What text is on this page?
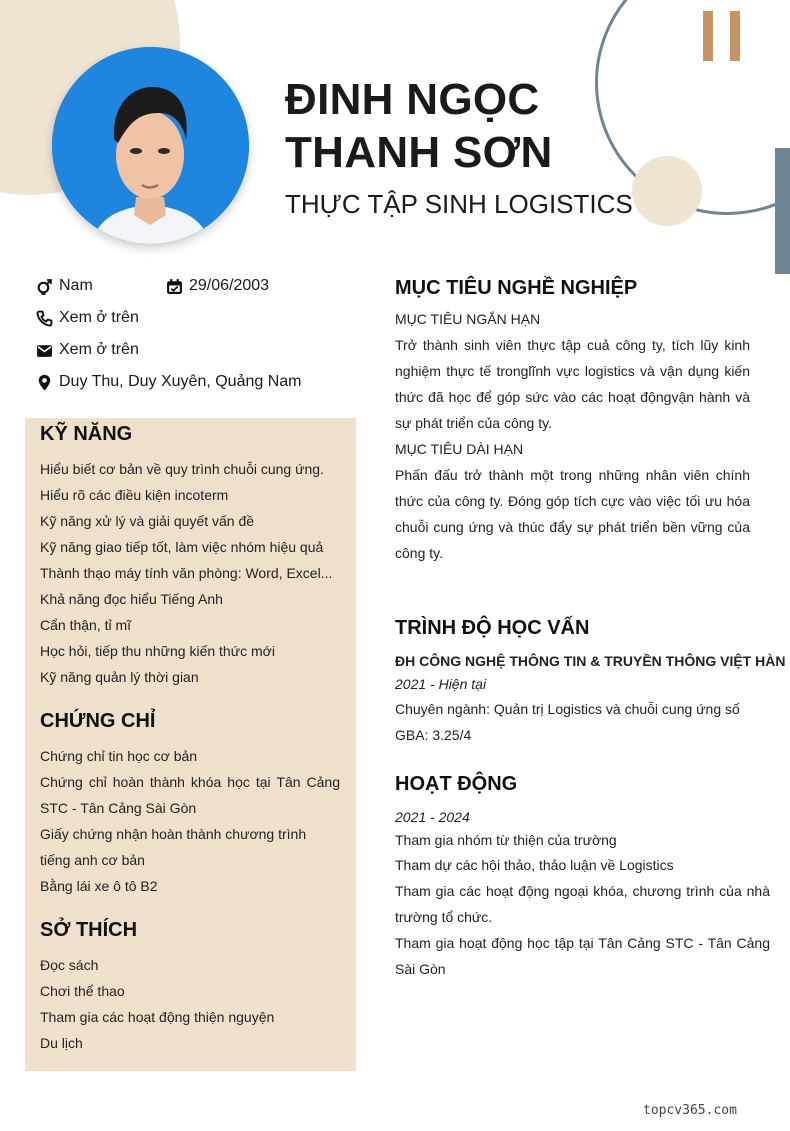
ĐINH NGỌC
THANH SƠN
THỰC TẬP SINH LOGISTICS
Nam	29/06/2003
Xem ở trên
Xem ở trên
Duy Thu, Duy Xuyên, Quảng Nam
KỸ NĂNG
Hiểu biết cơ bản về quy trình chuỗi cung ứng.
Hiểu rõ các điều kiện incoterm
Kỹ năng xử lý và giải quyết vấn đề
Kỹ năng giao tiếp tốt, làm việc nhóm hiệu quả
Thành thạo máy tính văn phòng: Word, Excel...
Khả năng đọc hiểu Tiếng Anh
Cẩn thận, tỉ mĩ
Học hỏi, tiếp thu những kiến thức mới
Kỹ năng quản lý thời gian
CHỨNG CHỈ
Chứng chỉ tin học cơ bản
Chứng chỉ hoàn thành khóa học tại Tân Cảng STC - Tân Cảng Sài Gòn
Giấy chứng nhận hoàn thành chương trình tiếng anh cơ bản
Bằng lái xe ô tô B2
SỞ THÍCH
Đọc sách
Chơi thể thao
Tham gia các hoạt động thiện nguyện
Du lịch
MỤC TIÊU NGHỀ NGHIỆP
MỤC TIÊU NGẮN HẠN
Trở thành sinh viên thực tập cuả công ty, tích lũy kinh nghiệm thực tế tronglĩnh vực logistics và vận dụng kiến thức đã học để góp sức vào các hoạt độngvận hành và sự phát triển của công ty.
MỤC TIÊU DÀI HẠN
Phấn đấu trở thành một trong những nhân viên chính thức của công ty. Đóng góp tích cực vào việc tối ưu hóa chuỗi cung ứng và thúc đẩy sự phát triển bền vững của công ty.
TRÌNH ĐỘ HỌC VẤN
ĐH CÔNG NGHỆ THÔNG TIN & TRUYỀN THÔNG VIỆT HÀN
2021 - Hiện tại
Chuyên ngành: Quản trị Logistics và chuỗi cung ứng số
GBA: 3.25/4
HOẠT ĐỘNG
2021 - 2024
Tham gia nhóm từ thiện của trường
Tham dự các hội thảo, thảo luận về Logistics
Tham gia các hoạt động ngoại khóa, chương trình của nhà trường tổ chức.
Tham gia hoạt động học tập tại Tân Cảng STC - Tân Cảng Sài Gòn
topcv365.com
